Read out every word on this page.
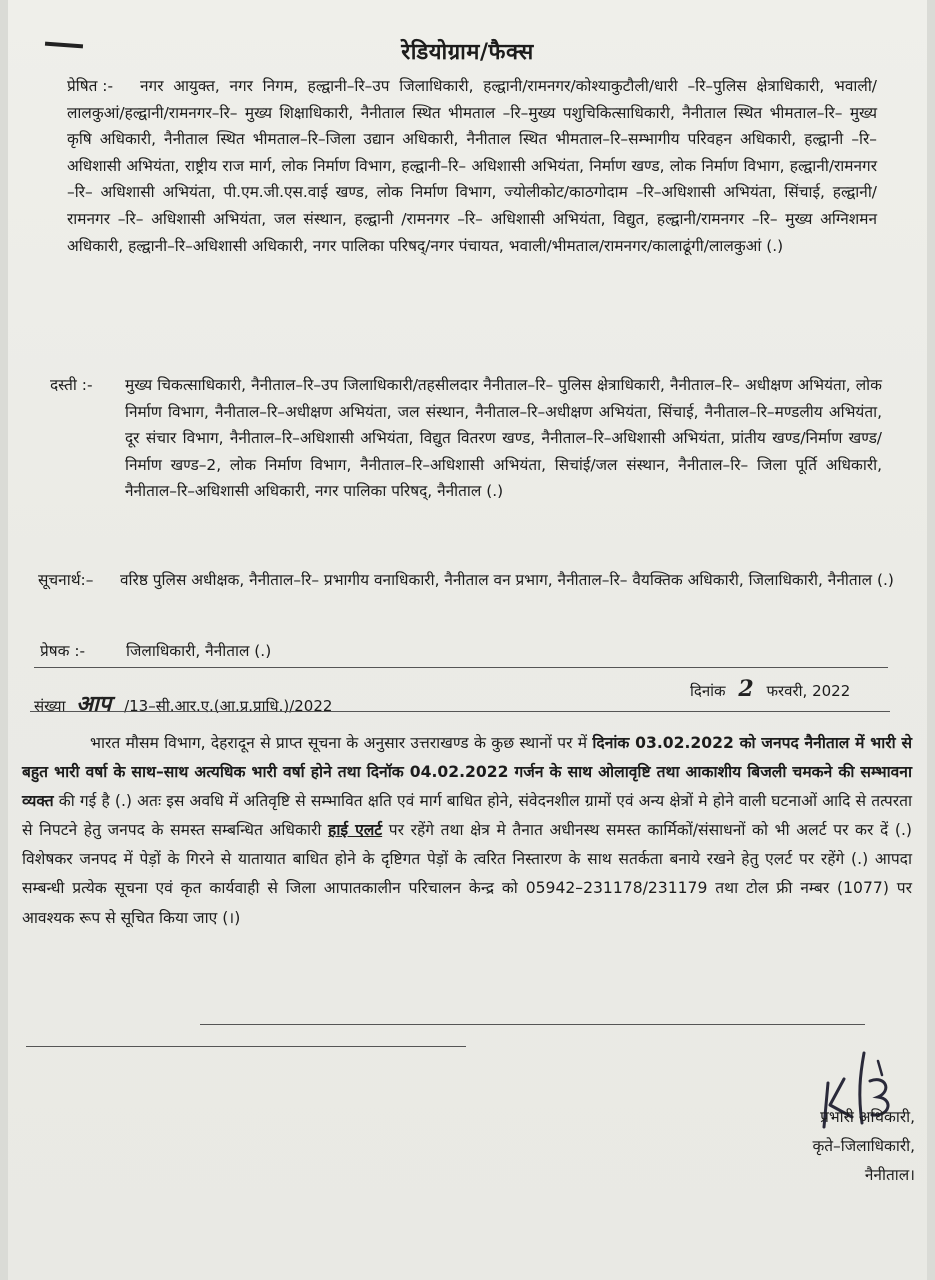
रेडियोग्राम/फैक्स
प्रेषित :-	नगर आयुक्त, नगर निगम, हल्द्वानी–रि–उप जिलाधिकारी, हल्द्वानी/रामनगर/कोश्याकुटौली/धारी –रि–पुलिस क्षेत्राधिकारी, भवाली/लालकुआं/हल्द्वानी/रामनगर–रि– मुख्य शिक्षाधिकारी, नैनीताल स्थित भीमताल –रि–मुख्य पशुचिकित्साधिकारी, नैनीताल स्थित भीमताल–रि– मुख्य कृषि अधिकारी, नैनीताल स्थित भीमताल–रि–जिला उद्यान अधिकारी, नैनीताल स्थित भीमताल–रि–सम्भागीय परिवहन अधिकारी, हल्द्वानी –रि– अधिशासी अभियंता, राष्ट्रीय राज मार्ग, लोक निर्माण विभाग, हल्द्वानी–रि– अधिशासी अभियंता, निर्माण खण्ड, लोक निर्माण विभाग, हल्द्वानी/रामनगर –रि– अधिशासी अभियंता, पी.एम.जी.एस.वाई खण्ड, लोक निर्माण विभाग, ज्योलीकोट/काठगोदाम –रि–अधिशासी अभियंता, सिंचाई, हल्द्वानी/रामनगर –रि– अधिशासी अभियंता, जल संस्थान, हल्द्वानी /रामनगर –रि– अधिशासी अभियंता, विद्युत, हल्द्वानी/रामनगर –रि– मुख्य अग्निशमन अधिकारी, हल्द्वानी–रि–अधिशासी अधिकारी, नगर पालिका परिषद्/नगर पंचायत, भवाली/भीमताल/रामनगर/कालाढूंगी/लालकुआं (.)
दस्ती :- मुख्य चिकत्साधिकारी, नैनीताल–रि–उप जिलाधिकारी/तहसीलदार नैनीताल–रि– पुलिस क्षेत्राधिकारी, नैनीताल–रि– अधीक्षण अभियंता, लोक निर्माण विभाग, नैनीताल–रि–अधीक्षण अभियंता, जल संस्थान, नैनीताल–रि–अधीक्षण अभियंता, सिंचाई, नैनीताल–रि–मण्डलीय अभियंता, दूर संचार विभाग, नैनीताल–रि–अधिशासी अभियंता, विद्युत वितरण खण्ड, नैनीताल–रि–अधिशासी अभियंता, प्रांतीय खण्ड/निर्माण खण्ड/निर्माण खण्ड–2, लोक निर्माण विभाग, नैनीताल–रि–अधिशासी अभियंता, सिचांई/जल संस्थान, नैनीताल–रि– जिला पूर्ति अधिकारी, नैनीताल–रि–अधिशासी अधिकारी, नगर पालिका परिषद्, नैनीताल (.)
सूचनार्थ:– वरिष्ठ पुलिस अधीक्षक, नैनीताल–रि– प्रभागीय वनाधिकारी, नैनीताल वन प्रभाग, नैनीताल–रि– वैयक्तिक अधिकारी, जिलाधिकारी, नैनीताल (.)
प्रेषक :-	जिलाधिकारी, नैनीताल (.)
संख्या आप /13–सी.आर.ए.(आ.प्र.प्राधि.)/2022
दिनांक 2 फरवरी, 2022
भारत मौसम विभाग, देहरादून से प्राप्त सूचना के अनुसार उत्तराखण्ड के कुछ स्थानों पर में दिनांक 03.02.2022 को जनपद नैनीताल में भारी से बहुत भारी वर्षा के साथ–साथ अत्यधिक भारी वर्षा होने तथा दिनॉक 04.02.2022 गर्जन के साथ ओलावृष्टि तथा आकाशीय बिजली चमकने की सम्भावना व्यक्त की गई है (.) अतः इस अवधि में अतिवृष्टि से सम्भावित क्षति एवं मार्ग बाधित होने, संवेदनशील ग्रामों एवं अन्य क्षेत्रों मे होने वाली घटनाओं आदि से तत्परता से निपटने हेतु जनपद के समस्त सम्बन्धित अधिकारी हाई एलर्ट पर रहेंगे तथा क्षेत्र मे तैनात अधीनस्थ समस्त कार्मिकों/संसाधनों को भी अलर्ट पर कर दें (.) विशेषकर जनपद में पेड़ों के गिरने से यातायात बाधित होने के दृष्टिगत पेड़ों के त्वरित निस्तारण के साथ सतर्कता बनाये रखने हेतु एलर्ट पर रहेंगे (.) आपदा सम्बन्धी प्रत्येक सूचना एवं कृत कार्यवाही से जिला आपातकालीन परिचालन केन्द्र को 05942–231178/231179 तथा टोल फ्री नम्बर (1077) पर आवश्यक रूप से सूचित किया जाए (।)
प्रभारी अधिकारी,
कृते–जिलाधिकारी,
नैनीताल।
